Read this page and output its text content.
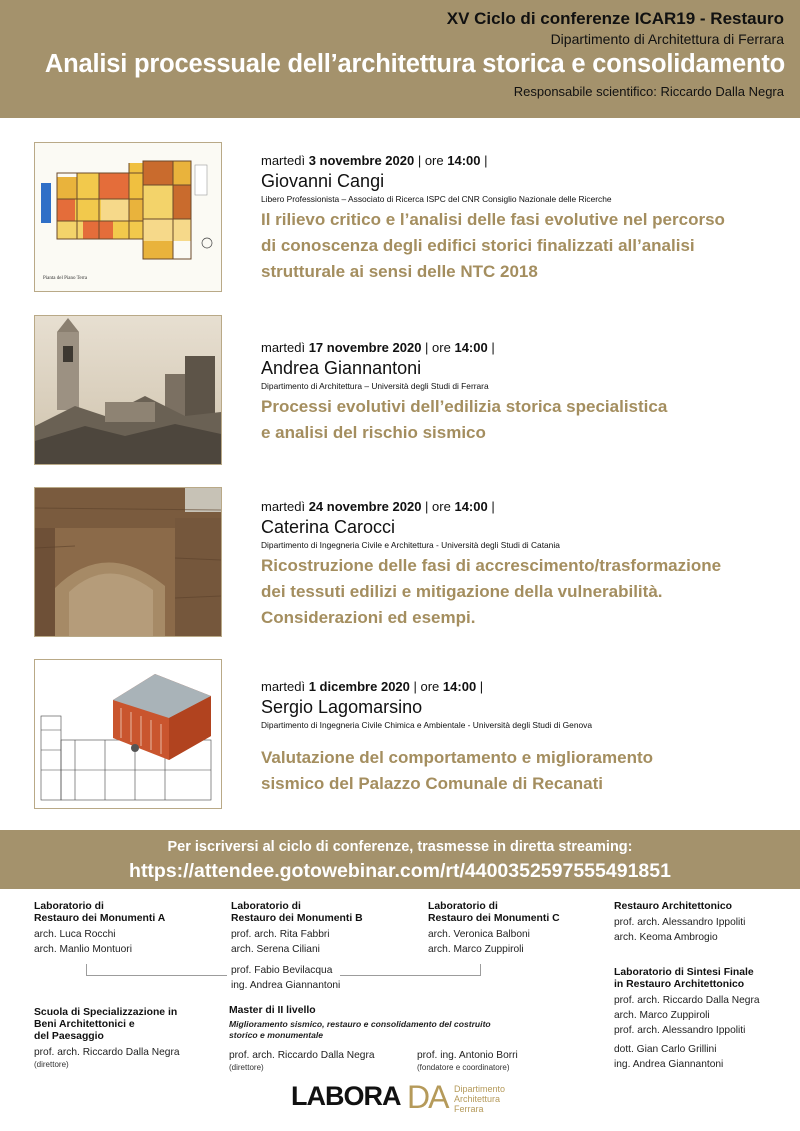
XV Ciclo di conferenze ICAR19 - Restauro
Dipartimento di Architettura di Ferrara
Analisi processuale dell’architettura storica e consolidamento
Responsabile scientifico: Riccardo Dalla Negra
Pianta del Piano Terra
martedì 3 novembre 2020 | ore 14:00 |
Giovanni Cangi
Libero Professionista – Associato di Ricerca ISPC del CNR Consiglio Nazionale delle Ricerche
Il rilievo critico e l’analisi delle fasi evolutive nel percorso
di conoscenza degli edifici storici finalizzati all’analisi
strutturale ai sensi delle NTC 2018
martedì 17 novembre 2020 | ore 14:00 |
Andrea Giannantoni
Dipartimento di Architettura – Università degli Studi di Ferrara
Processi evolutivi dell’edilizia storica specialistica
e analisi del rischio sismico
martedì 24 novembre 2020 | ore 14:00 |
Caterina Carocci
Dipartimento di Ingegneria Civile e Architettura - Università degli Studi di Catania
Ricostruzione delle fasi di accrescimento/trasformazione
dei tessuti edilizi e mitigazione della vulnerabilità.
Considerazioni ed esempi.
martedì 1 dicembre 2020 | ore 14:00 |
Sergio Lagomarsino
Dipartimento di Ingegneria Civile Chimica e Ambientale - Università degli Studi di Genova
Valutazione del comportamento e miglioramento
sismico del Palazzo Comunale di Recanati
Per iscriversi al ciclo di conferenze, trasmesse in diretta streaming:
https://attendee.gotowebinar.com/rt/4400352597555491851
Laboratorio di
Restauro dei Monumenti A
arch. Luca Rocchi
arch. Manlio Montuori
Laboratorio di
Restauro dei Monumenti B
prof. arch. Rita Fabbri
arch. Serena Ciliani
Laboratorio di
Restauro dei Monumenti C
arch. Veronica Balboni
arch. Marco Zuppiroli
Restauro Architettonico
prof. arch. Alessandro Ippoliti
arch. Keoma Ambrogio
prof. Fabio Bevilacqua
ing. Andrea Giannantoni
Laboratorio di Sintesi Finale
in Restauro Architettonico
prof. arch. Riccardo Dalla Negra
arch. Marco Zuppiroli
prof. arch. Alessandro Ippoliti
dott. Gian Carlo Grillini
ing. Andrea Giannantoni
Scuola di Specializzazione in
Beni Architettonici e
del Paesaggio
prof. arch. Riccardo Dalla Negra
(direttore)
Master di II livello
Miglioramento sismico, restauro e consolidamento del costruito
storico e monumentale
prof. arch. Riccardo Dalla Negra
(direttore)
prof. ing. Antonio Borri
(fondatore e coordinatore)
LABORA DA Dipartimento
Architettura
Ferrara
